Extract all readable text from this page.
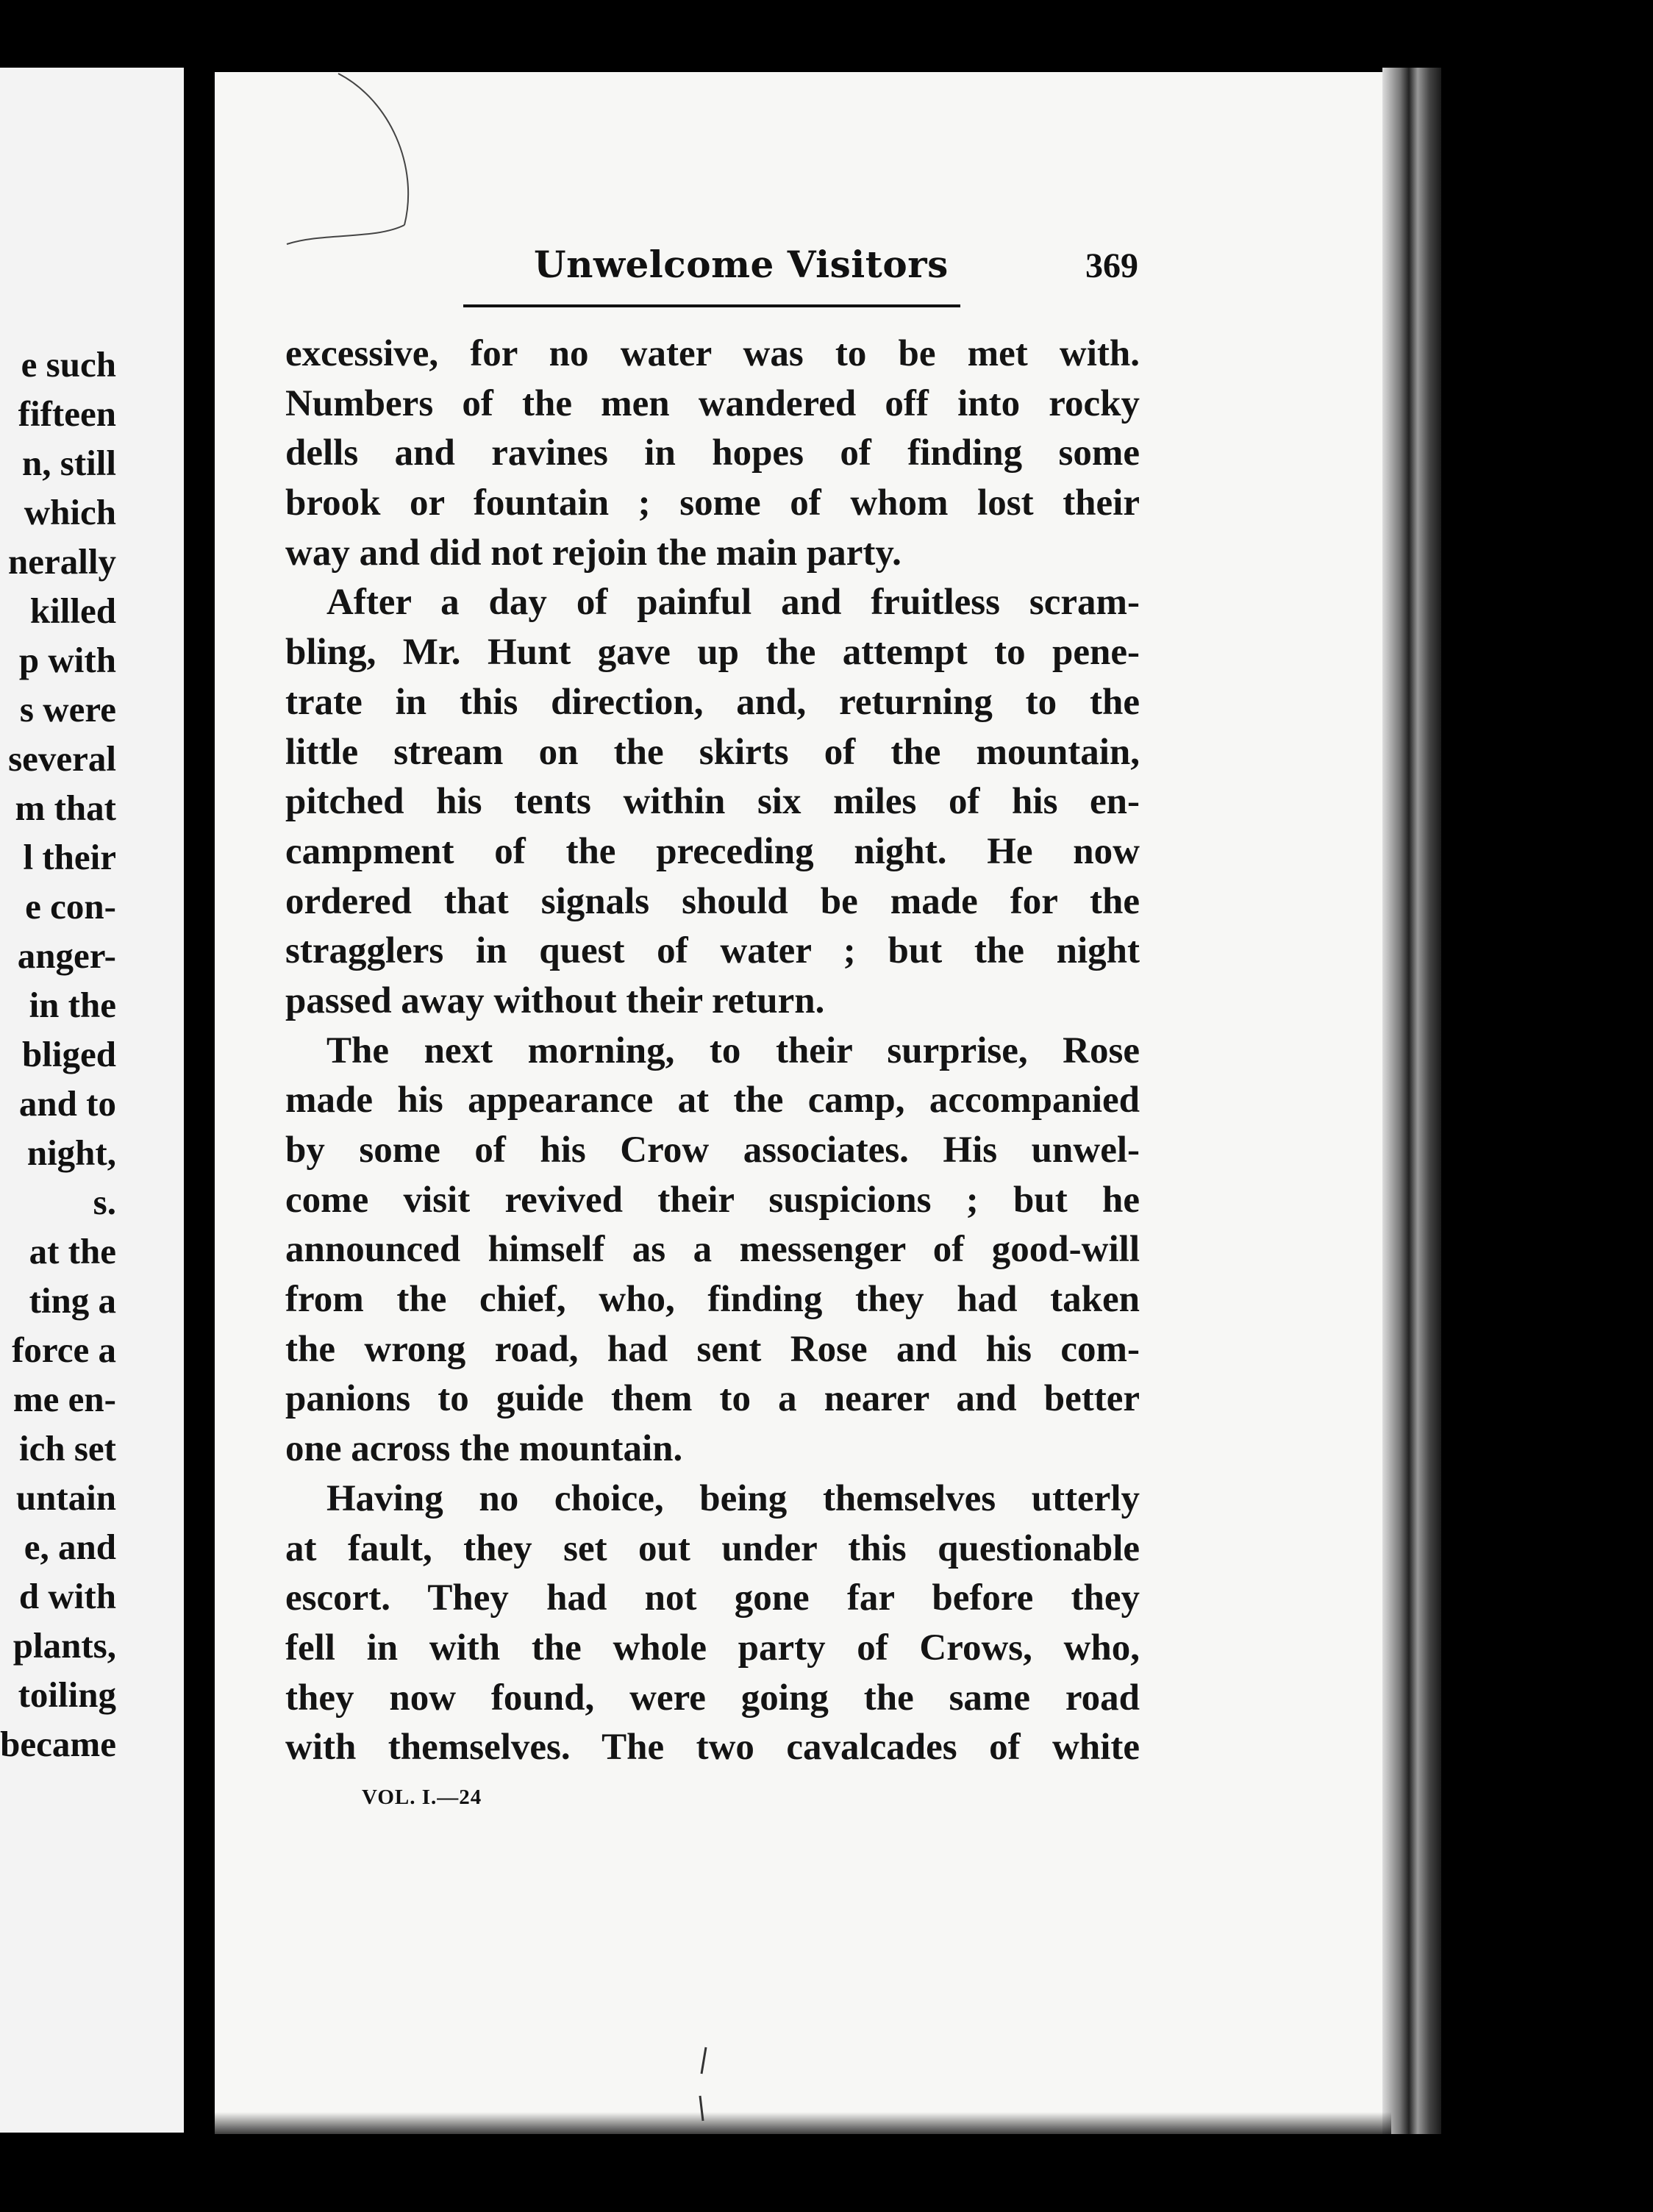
e such
fifteen
n, still
which
nerally
killed
p with
s were
several
m that
l their
e con-
anger-
in the
bliged
and to
night,
s.
at the
ting a
force a
me en-
ich set
untain
e, and
d with
plants,
toiling
became
Unwelcome Visitors	369
excessive, for no water was to be met with.
Numbers of the men wandered off into rocky
dells and ravines in hopes of finding some
brook or fountain ; some of whom lost their
way and did not rejoin the main party.
After a day of painful and fruitless scram-
bling, Mr. Hunt gave up the attempt to pene-
trate in this direction, and, returning to the
little stream on the skirts of the mountain,
pitched his tents within six miles of his en-
campment of the preceding night. He now
ordered that signals should be made for the
stragglers in quest of water ; but the night
passed away without their return.
The next morning, to their surprise, Rose
made his appearance at the camp, accompanied
by some of his Crow associates. His unwel-
come visit revived their suspicions ; but he
announced himself as a messenger of good-will
from the chief, who, finding they had taken
the wrong road, had sent Rose and his com-
panions to guide them to a nearer and better
one across the mountain.
Having no choice, being themselves utterly
at fault, they set out under this questionable
escort. They had not gone far before they
fell in with the whole party of Crows, who,
they now found, were going the same road
with themselves. The two cavalcades of white
VOL. I.—24
